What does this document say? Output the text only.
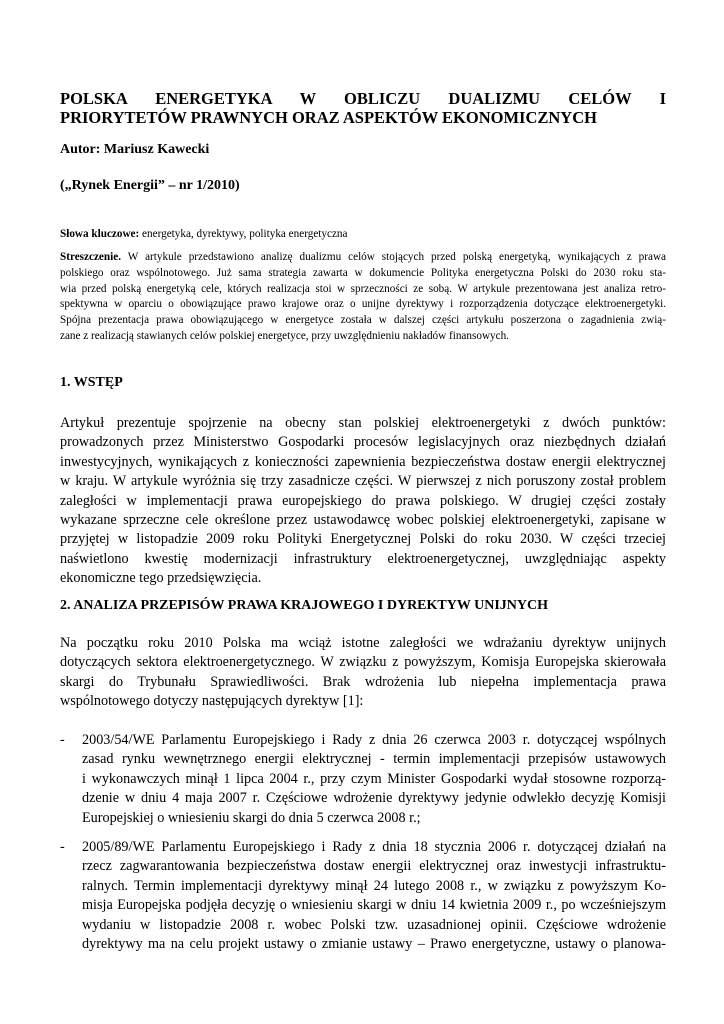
POLSKA ENERGETYKA W OBLICZU DUALIZMU CELÓW I
PRIORYTETÓW PRAWNYCH ORAZ ASPEKTÓW EKONOMICZNYCH

Autor: Mariusz Kawecki

(„Rynek Energii” – nr 1/2010)

Słowa kluczowe: energetyka, dyrektywy, polityka energetyczna

Streszczenie. W artykule przedstawiono analizę dualizmu celów stojących przed polską energetyką, wynikających z prawa
polskiego oraz wspólnotowego. Już sama strategia zawarta w dokumencie Polityka energetyczna Polski do 2030 roku sta-
wia przed polską energetyką cele, których realizacja stoi w sprzeczności ze sobą. W artykule prezentowana jest analiza retro-
spektywna w oparciu o obowiązujące prawo krajowe oraz o unijne dyrektywy i rozporządzenia dotyczące elektroenergetyki.
Spójna prezentacja prawa obowiązującego w energetyce została w dalszej części artykułu poszerzona o zagadnienia zwią-
zane z realizacją stawianych celów polskiej energetyce, przy uwzględnieniu nakładów finansowych.
1. WSTĘP
Artykuł prezentuje spojrzenie na obecny stan polskiej elektroenergetyki z dwóch punktów:
prowadzonych przez Ministerstwo Gospodarki procesów legislacyjnych oraz niezbędnych działań
inwestycyjnych, wynikających z konieczności zapewnienia bezpieczeństwa dostaw energii elektrycznej
w kraju. W artykule wyróżnia się trzy zasadnicze części. W pierwszej z nich poruszony został problem
zaległości w implementacji prawa europejskiego do prawa polskiego. W drugiej części zostały
wykazane sprzeczne cele określone przez ustawodawcę wobec polskiej elektroenergetyki, zapisane w
przyjętej w listopadzie 2009 roku Polityki Energetycznej Polski do roku 2030. W części trzeciej
naświetlono kwestię modernizacji infrastruktury elektroenergetycznej, uwzględniając aspekty
ekonomiczne tego przedsięwzięcia.
2. ANALIZA PRZEPISÓW PRAWA KRAJOWEGO I DYREKTYW UNIJNYCH
Na początku roku 2010 Polska ma wciąż istotne zaległości we wdrażaniu dyrektyw unijnych
dotyczących sektora elektroenergetycznego. W związku z powyższym, Komisja Europejska skierowała
skargi do Trybunału Sprawiedliwości. Brak wdrożenia lub niepełna implementacja prawa
wspólnotowego dotyczy następujących dyrektyw [1]:
- 2003/54/WE Parlamentu Europejskiego i Rady z dnia 26 czerwca 2003 r. dotyczącej wspólnych
zasad rynku wewnętrznego energii elektrycznej - termin implementacji przepisów ustawowych
i wykonawczych minął 1 lipca 2004 r., przy czym Minister Gospodarki wydał stosowne rozporzą-
dzenie w dniu 4 maja 2007 r. Częściowe wdrożenie dyrektywy jedynie odwlekło decyzję Komisji
Europejskiej o wniesieniu skargi do dnia 5 czerwca 2008 r.;
- 2005/89/WE Parlamentu Europejskiego i Rady z dnia 18 stycznia 2006 r. dotyczącej działań na
rzecz zagwarantowania bezpieczeństwa dostaw energii elektrycznej oraz inwestycji infrastruktu-
ralnych. Termin implementacji dyrektywy minął 24 lutego 2008 r., w związku z powyższym Ko-
misja Europejska podjęła decyzję o wniesieniu skargi w dniu 14 kwietnia 2009 r., po wcześniejszym
wydaniu w listopadzie 2008 r. wobec Polski tzw. uzasadnionej opinii. Częściowe wdrożenie
dyrektywy ma na celu projekt ustawy o zmianie ustawy – Prawo energetyczne, ustawy o planowa-
